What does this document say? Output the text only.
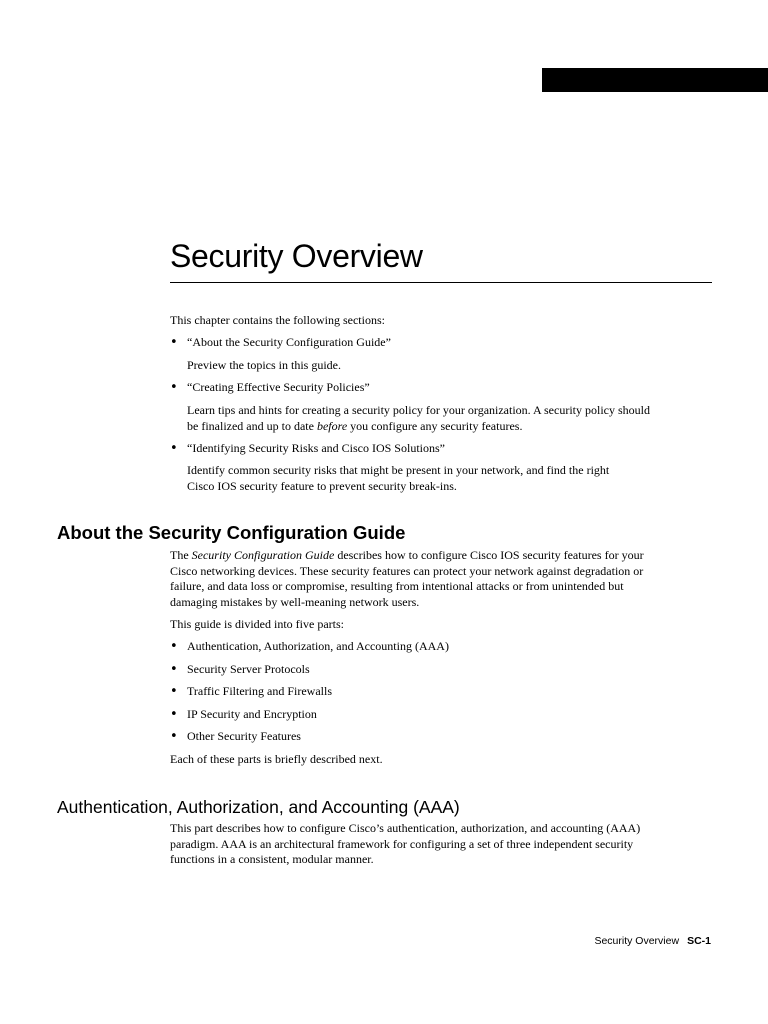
Security Overview

This chapter contains the following sections:

• “About the Security Configuration Guide”

Preview the topics in this guide.

• “Creating Effective Security Policies”

Learn tips and hints for creating a security policy for your organization. A security policy should

be finalized and up to date before you configure any security features.

• “Identifying Security Risks and Cisco IOS Solutions”

Identify common security risks that might be present in your network, and find the right

Cisco IOS security feature to prevent security break-ins.

About the Security Configuration Guide

The Security Configuration Guide describes how to configure Cisco IOS security features for your

Cisco networking devices. These security features can protect your network against degradation or

failure, and data loss or compromise, resulting from intentional attacks or from unintended but

damaging mistakes by well-meaning network users.

This guide is divided into five parts:

• Authentication, Authorization, and Accounting (AAA)
• Security Server Protocols
• Traffic Filtering and Firewalls
• IP Security and Encryption
• Other Security Features

Each of these parts is briefly described next.

Authentication, Authorization, and Accounting (AAA)

This part describes how to configure Cisco’s authentication, authorization, and accounting (AAA)

paradigm. AAA is an architectural framework for configuring a set of three independent security

functions in a consistent, modular manner.

Security Overview SC-1
